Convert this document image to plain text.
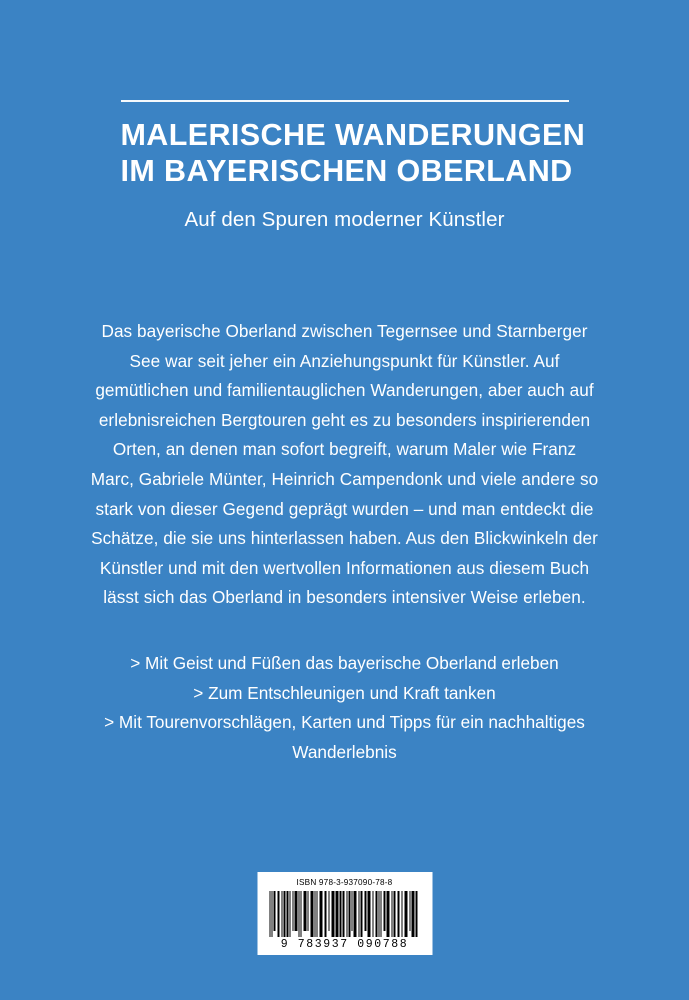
MALERISCHE WANDERUNGEN
IM BAYERISCHEN OBERLAND
Auf den Spuren moderner Künstler
Das bayerische Oberland zwischen Tegernsee und Starnberger See war seit jeher ein Anziehungspunkt für Künstler. Auf gemütlichen und familientauglichen Wanderungen, aber auch auf erlebnisreichen Bergtouren geht es zu besonders inspirierenden Orten, an denen man sofort begreift, warum Maler wie Franz Marc, Gabriele Münter, Heinrich Campendonk und viele andere so stark von dieser Gegend geprägt wurden – und man entdeckt die Schätze, die sie uns hinterlassen haben. Aus den Blickwinkeln der Künstler und mit den wertvollen Informationen aus diesem Buch lässt sich das Oberland in besonders intensiver Weise erleben.
> Mit Geist und Füßen das bayerische Oberland erleben
> Zum Entschleunigen und Kraft tanken
> Mit Tourenvorschlägen, Karten und Tipps für ein nachhaltiges Wanderlebnis
ISBN 978-3-937090-78-8
9 783937 090788
